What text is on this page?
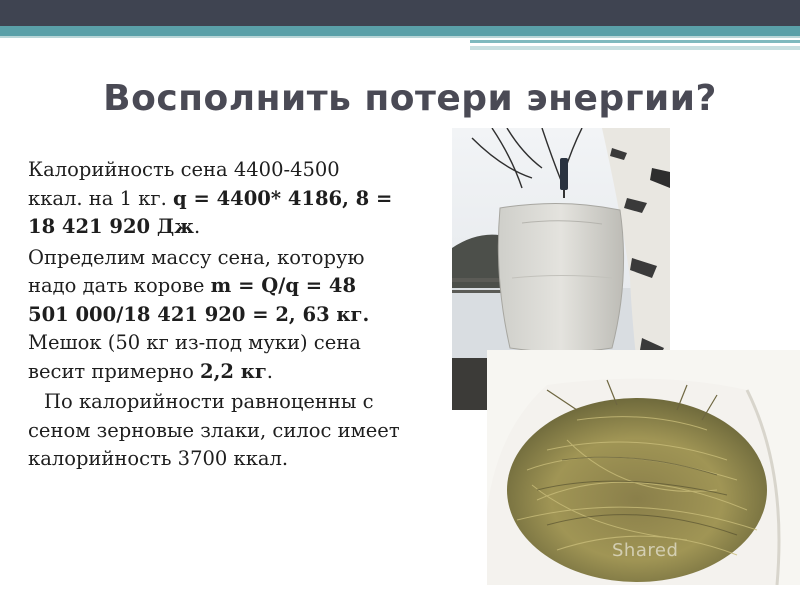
Восполнить потери энергии?

Калорийность сена 4400-4500 ккал. на 1 кг. q = 4400* 4186, 8 = 18 421 920 Дж.

Определим массу сена, которую надо дать корове m = Q/q = 48 501 000/18 421 920 = 2, 63 кг. Мешок (50 кг из-под муки) сена весит примерно 2,2 кг.

По калорийности равноценны с сеном зерновые злаки, силос имеет калорийность 3700 ккал.

Shared
